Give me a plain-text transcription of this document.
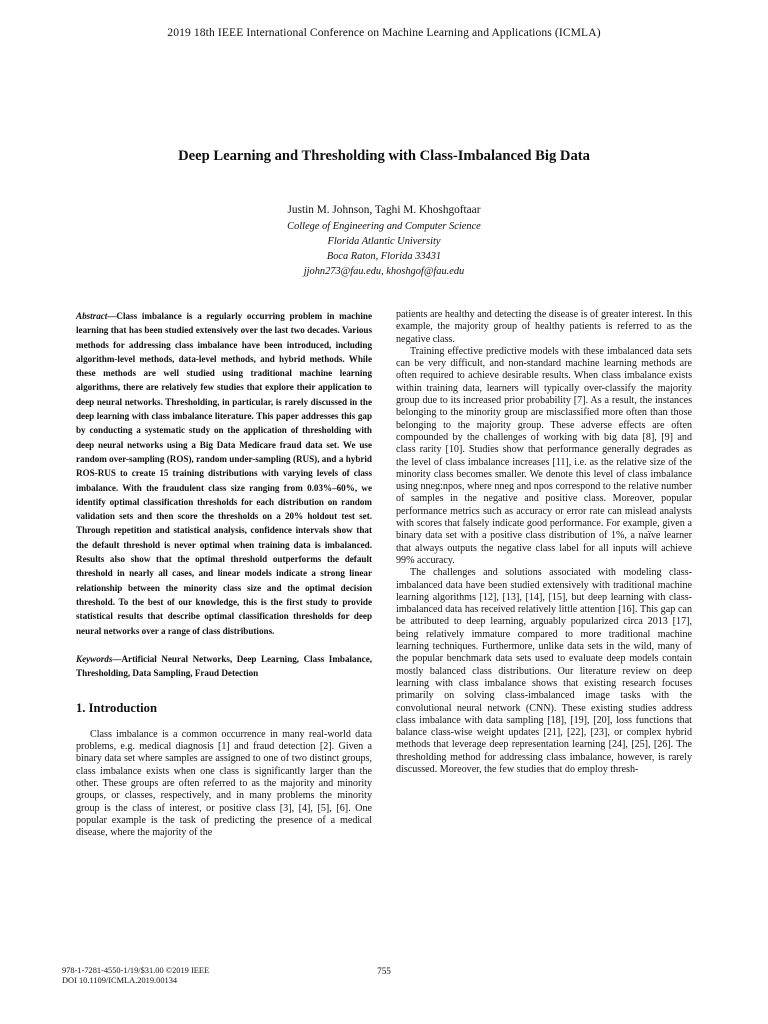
2019 18th IEEE International Conference on Machine Learning and Applications (ICMLA)
Deep Learning and Thresholding with Class-Imbalanced Big Data
Justin M. Johnson, Taghi M. Khoshgoftaar
College of Engineering and Computer Science
Florida Atlantic University
Boca Raton, Florida 33431
jjohn273@fau.edu, khoshgof@fau.edu

Abstract—Class imbalance is a regularly occurring problem in machine learning that has been studied extensively over the last two decades. Various methods for addressing class imbalance have been introduced, including algorithm-level methods, data-level methods, and hybrid methods. While these methods are well studied using traditional machine learning algorithms, there are relatively few studies that explore their application to deep neural networks. Thresholding, in particular, is rarely discussed in the deep learning with class imbalance literature. This paper addresses this gap by conducting a systematic study on the application of thresholding with deep neural networks using a Big Data Medicare fraud data set. We use random over-sampling (ROS), random under-sampling (RUS), and a hybrid ROS-RUS to create 15 training distributions with varying levels of class imbalance. With the fraudulent class size ranging from 0.03%–60%, we identify optimal classification thresholds for each distribution on random validation sets and then score the thresholds on a 20% holdout test set. Through repetition and statistical analysis, confidence intervals show that the default threshold is never optimal when training data is imbalanced. Results also show that the optimal threshold outperforms the default threshold in nearly all cases, and linear models indicate a strong linear relationship between the minority class size and the optimal decision threshold. To the best of our knowledge, this is the first study to provide statistical results that describe optimal classification thresholds for deep neural networks over a range of class distributions.

Keywords—Artificial Neural Networks, Deep Learning, Class Imbalance, Thresholding, Data Sampling, Fraud Detection

1. Introduction

Class imbalance is a common occurrence in many real-world data problems, e.g. medical diagnosis [1] and fraud detection [2]. Given a binary data set where samples are assigned to one of two distinct groups, class imbalance exists when one class is significantly larger than the other. These groups are often referred to as the majority and minority groups, or classes, respectively, and in many problems the minority group is the class of interest, or positive class [3], [4], [5], [6]. One popular example is the task of predicting the presence of a medical disease, where the majority of the

patients are healthy and detecting the disease is of greater interest. In this example, the majority group of healthy patients is referred to as the negative class.

Training effective predictive models with these imbalanced data sets can be very difficult, and non-standard machine learning methods are often required to achieve desirable results. When class imbalance exists within training data, learners will typically over-classify the majority group due to its increased prior probability [7]. As a result, the instances belonging to the minority group are misclassified more often than those belonging to the majority group. These adverse effects are often compounded by the challenges of working with big data [8], [9] and class rarity [10]. Studies show that performance generally degrades as the level of class imbalance increases [11], i.e. as the relative size of the minority class becomes smaller. We denote this level of class imbalance using nneg:npos, where nneg and npos correspond to the relative number of samples in the negative and positive class. Moreover, popular performance metrics such as accuracy or error rate can mislead analysts with scores that falsely indicate good performance. For example, given a binary data set with a positive class distribution of 1%, a naïve learner that always outputs the negative class label for all inputs will achieve 99% accuracy.

The challenges and solutions associated with modeling class-imbalanced data have been studied extensively with traditional machine learning algorithms [12], [13], [14], [15], but deep learning with class-imbalanced data has received relatively little attention [16]. This gap can be attributed to deep learning, arguably popularized circa 2013 [17], being relatively immature compared to more traditional machine learning techniques. Furthermore, unlike data sets in the wild, many of the popular benchmark data sets used to evaluate deep models contain mostly balanced class distributions. Our literature review on deep learning with class imbalance shows that existing research focuses primarily on solving class-imbalanced image tasks with the convolutional neural network (CNN). These existing studies address class imbalance with data sampling [18], [19], [20], loss functions that balance class-wise weight updates [21], [22], [23], or complex hybrid methods that leverage deep representation learning [24], [25], [26]. The thresholding method for addressing class imbalance, however, is rarely discussed. Moreover, the few studies that do employ thresh-

978-1-7281-4550-1/19/$31.00 ©2019 IEEE
DOI 10.1109/ICMLA.2019.00134
755
